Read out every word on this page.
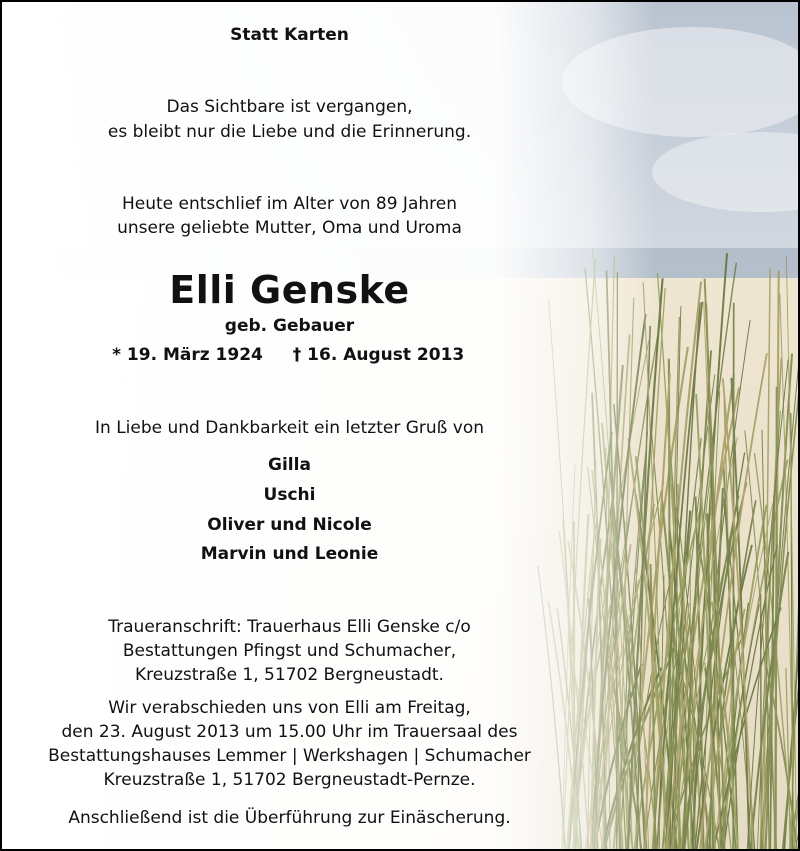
Statt Karten
Das Sichtbare ist vergangen,
es bleibt nur die Liebe und die Erinnerung.
Heute entschlief im Alter von 89 Jahren
unsere geliebte Mutter, Oma und Uroma
Elli Genske
geb. Gebauer
* 19. März 1924	† 16. August 2013
In Liebe und Dankbarkeit ein letzter Gruß von
Gilla
Uschi
Oliver und Nicole
Marvin und Leonie
Traueranschrift: Trauerhaus Elli Genske c/o
Bestattungen Pfingst und Schumacher,
Kreuzstraße 1, 51702 Bergneustadt.
Wir verabschieden uns von Elli am Freitag,
den 23. August 2013 um 15.00 Uhr im Trauersaal des
Bestattungshauses Lemmer | Werkshagen | Schumacher
Kreuzstraße 1, 51702 Bergneustadt-Pernze.
Anschließend ist die Überführung zur Einäscherung.
